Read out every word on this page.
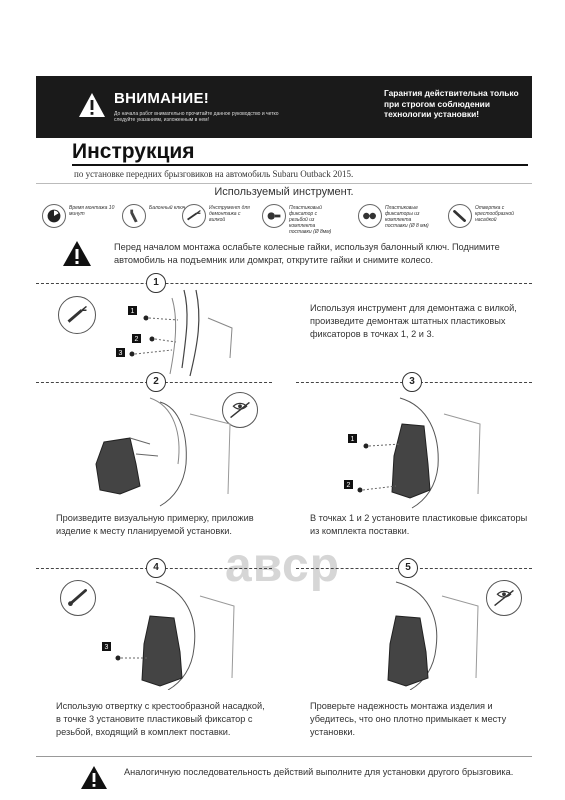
ВНИМАНИЕ!
До начала работ внимательно прочитайте данное руководство и четко следуйте указаниям, изложенным в нем!
Гарантия действительна только при строгом соблюдении технологии установки!
Инструкция
по установке передних брызговиков на автомобиль Subaru Outback 2015.
Используемый инструмент.
Время монтажа 10 минут
Балонный ключ	Инструмент для демонтажа с вилкой
Пластиковый фиксатор с резьбой из комплекта поставки (Ø 8мм)
Пластиковые фиксаторы из комплекта поставки (Ø 8 мм)
Отвертка с крестообразной насадкой
Перед началом монтажа ослабьте колесные гайки, используя балонный ключ. Поднимите автомобиль на подъемник или домкрат, открутите гайки и снимите колесо.
1
1
2
3
Используя инструмент для демонтажа с вилкой, произведите демонтаж штатных пластиковых фиксаторов в точках 1, 2 и 3.
2	3
Произведите визуальную примерку, приложив изделие к месту планируемой установки.
1
2
В точках 1 и 2 установите пластиковые фиксаторы из комплекта поставки.
авср
4	5
3
Использую отвертку с крестообразной насадкой, в точке 3 установите пластиковый фиксатор с резьбой, входящий в комплект поставки.
Проверьте надежность монтажа изделия и убедитесь, что оно плотно примыкает к месту установки.
Аналогичную последовательность действий выполните для установки другого брызговика.
